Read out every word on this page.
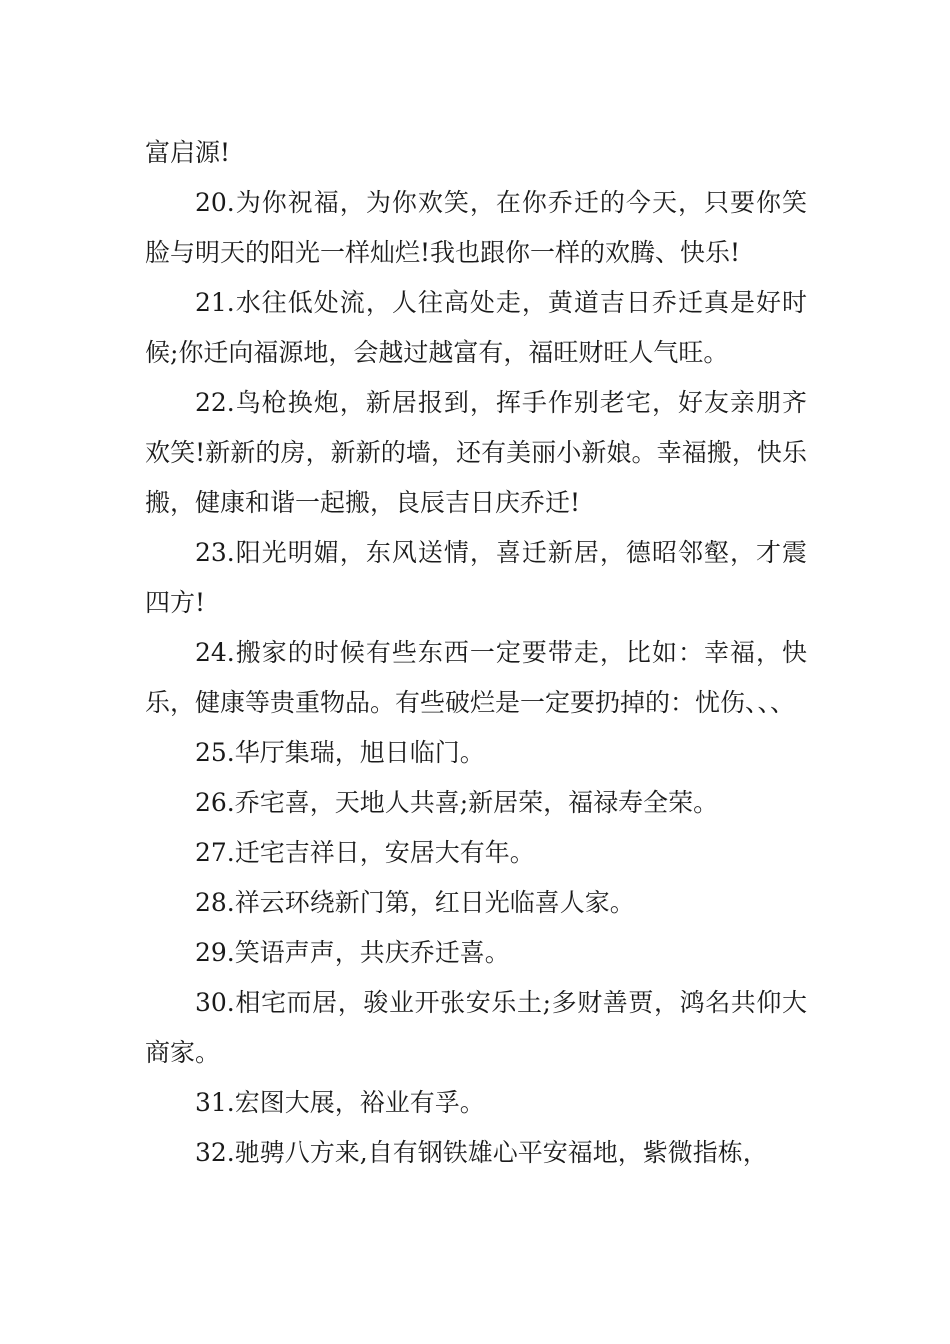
富启源!

20.为你祝福，为你欢笑，在你乔迁的今天，只要你笑脸与明天的阳光一样灿烂!我也跟你一样的欢腾、快乐!

21.水往低处流，人往高处走，黄道吉日乔迁真是好时候;你迁向福源地，会越过越富有，福旺财旺人气旺。

22.鸟枪换炮，新居报到，挥手作别老宅，好友亲朋齐欢笑!新新的房，新新的墙，还有美丽小新娘。幸福搬，快乐搬，健康和谐一起搬，良辰吉日庆乔迁!

23.阳光明媚，东风送情，喜迁新居，德昭邻壑，才震四方!

24.搬家的时候有些东西一定要带走，比如：幸福，快乐，健康等贵重物品。有些破烂是一定要扔掉的：忧伤、、、

25.华厅集瑞，旭日临门。

26.乔宅喜，天地人共喜;新居荣，福禄寿全荣。

27.迁宅吉祥日，安居大有年。

28.祥云环绕新门第，红日光临喜人家。

29.笑语声声，共庆乔迁喜。

30.相宅而居，骏业开张安乐土;多财善贾，鸿名共仰大商家。

31.宏图大展，裕业有孚。

32.驰骋八方来,自有钢铁雄心平安福地，紫微指栋，
